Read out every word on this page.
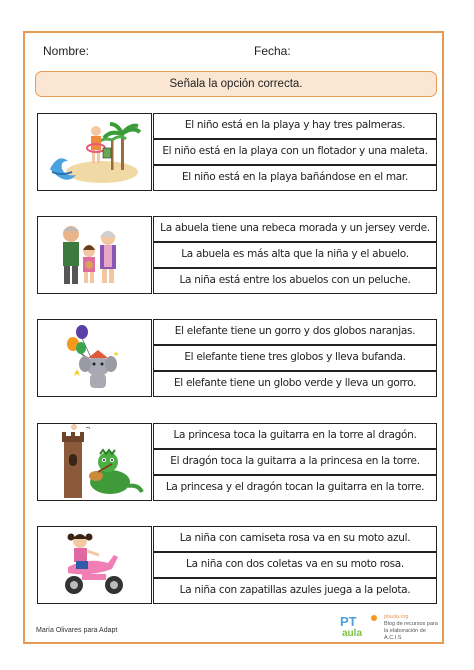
Nombre:	Fecha:
Señala la opción correcta.
El niño está en la playa y hay tres palmeras.
El niño está en la playa con un flotador y una maleta.
El niño está en la playa bañándose en el mar.
La abuela tiene una rebeca morada y un jersey verde.
La abuela es más alta que la niña y el abuelo.
La niña está entre los abuelos con un peluche.
El elefante tiene un gorro y dos globos naranjas.
El elefante tiene tres globos y lleva bufanda.
El elefante tiene un globo verde y lleva un gorro.
La princesa toca la guitarra en la torre al dragón.
El dragón toca la guitarra a la princesa en la torre.
La princesa y el dragón tocan la guitarra en la torre.
La niña con camiseta rosa va en su moto azul.
La niña con dos coletas va en su moto rosa.
La niña con zapatillas azules juega a la pelota.
María Olivares para Adapt
PT
aula
ptaula.org
Blog de recursos para la elaboración de A.C.I.S
